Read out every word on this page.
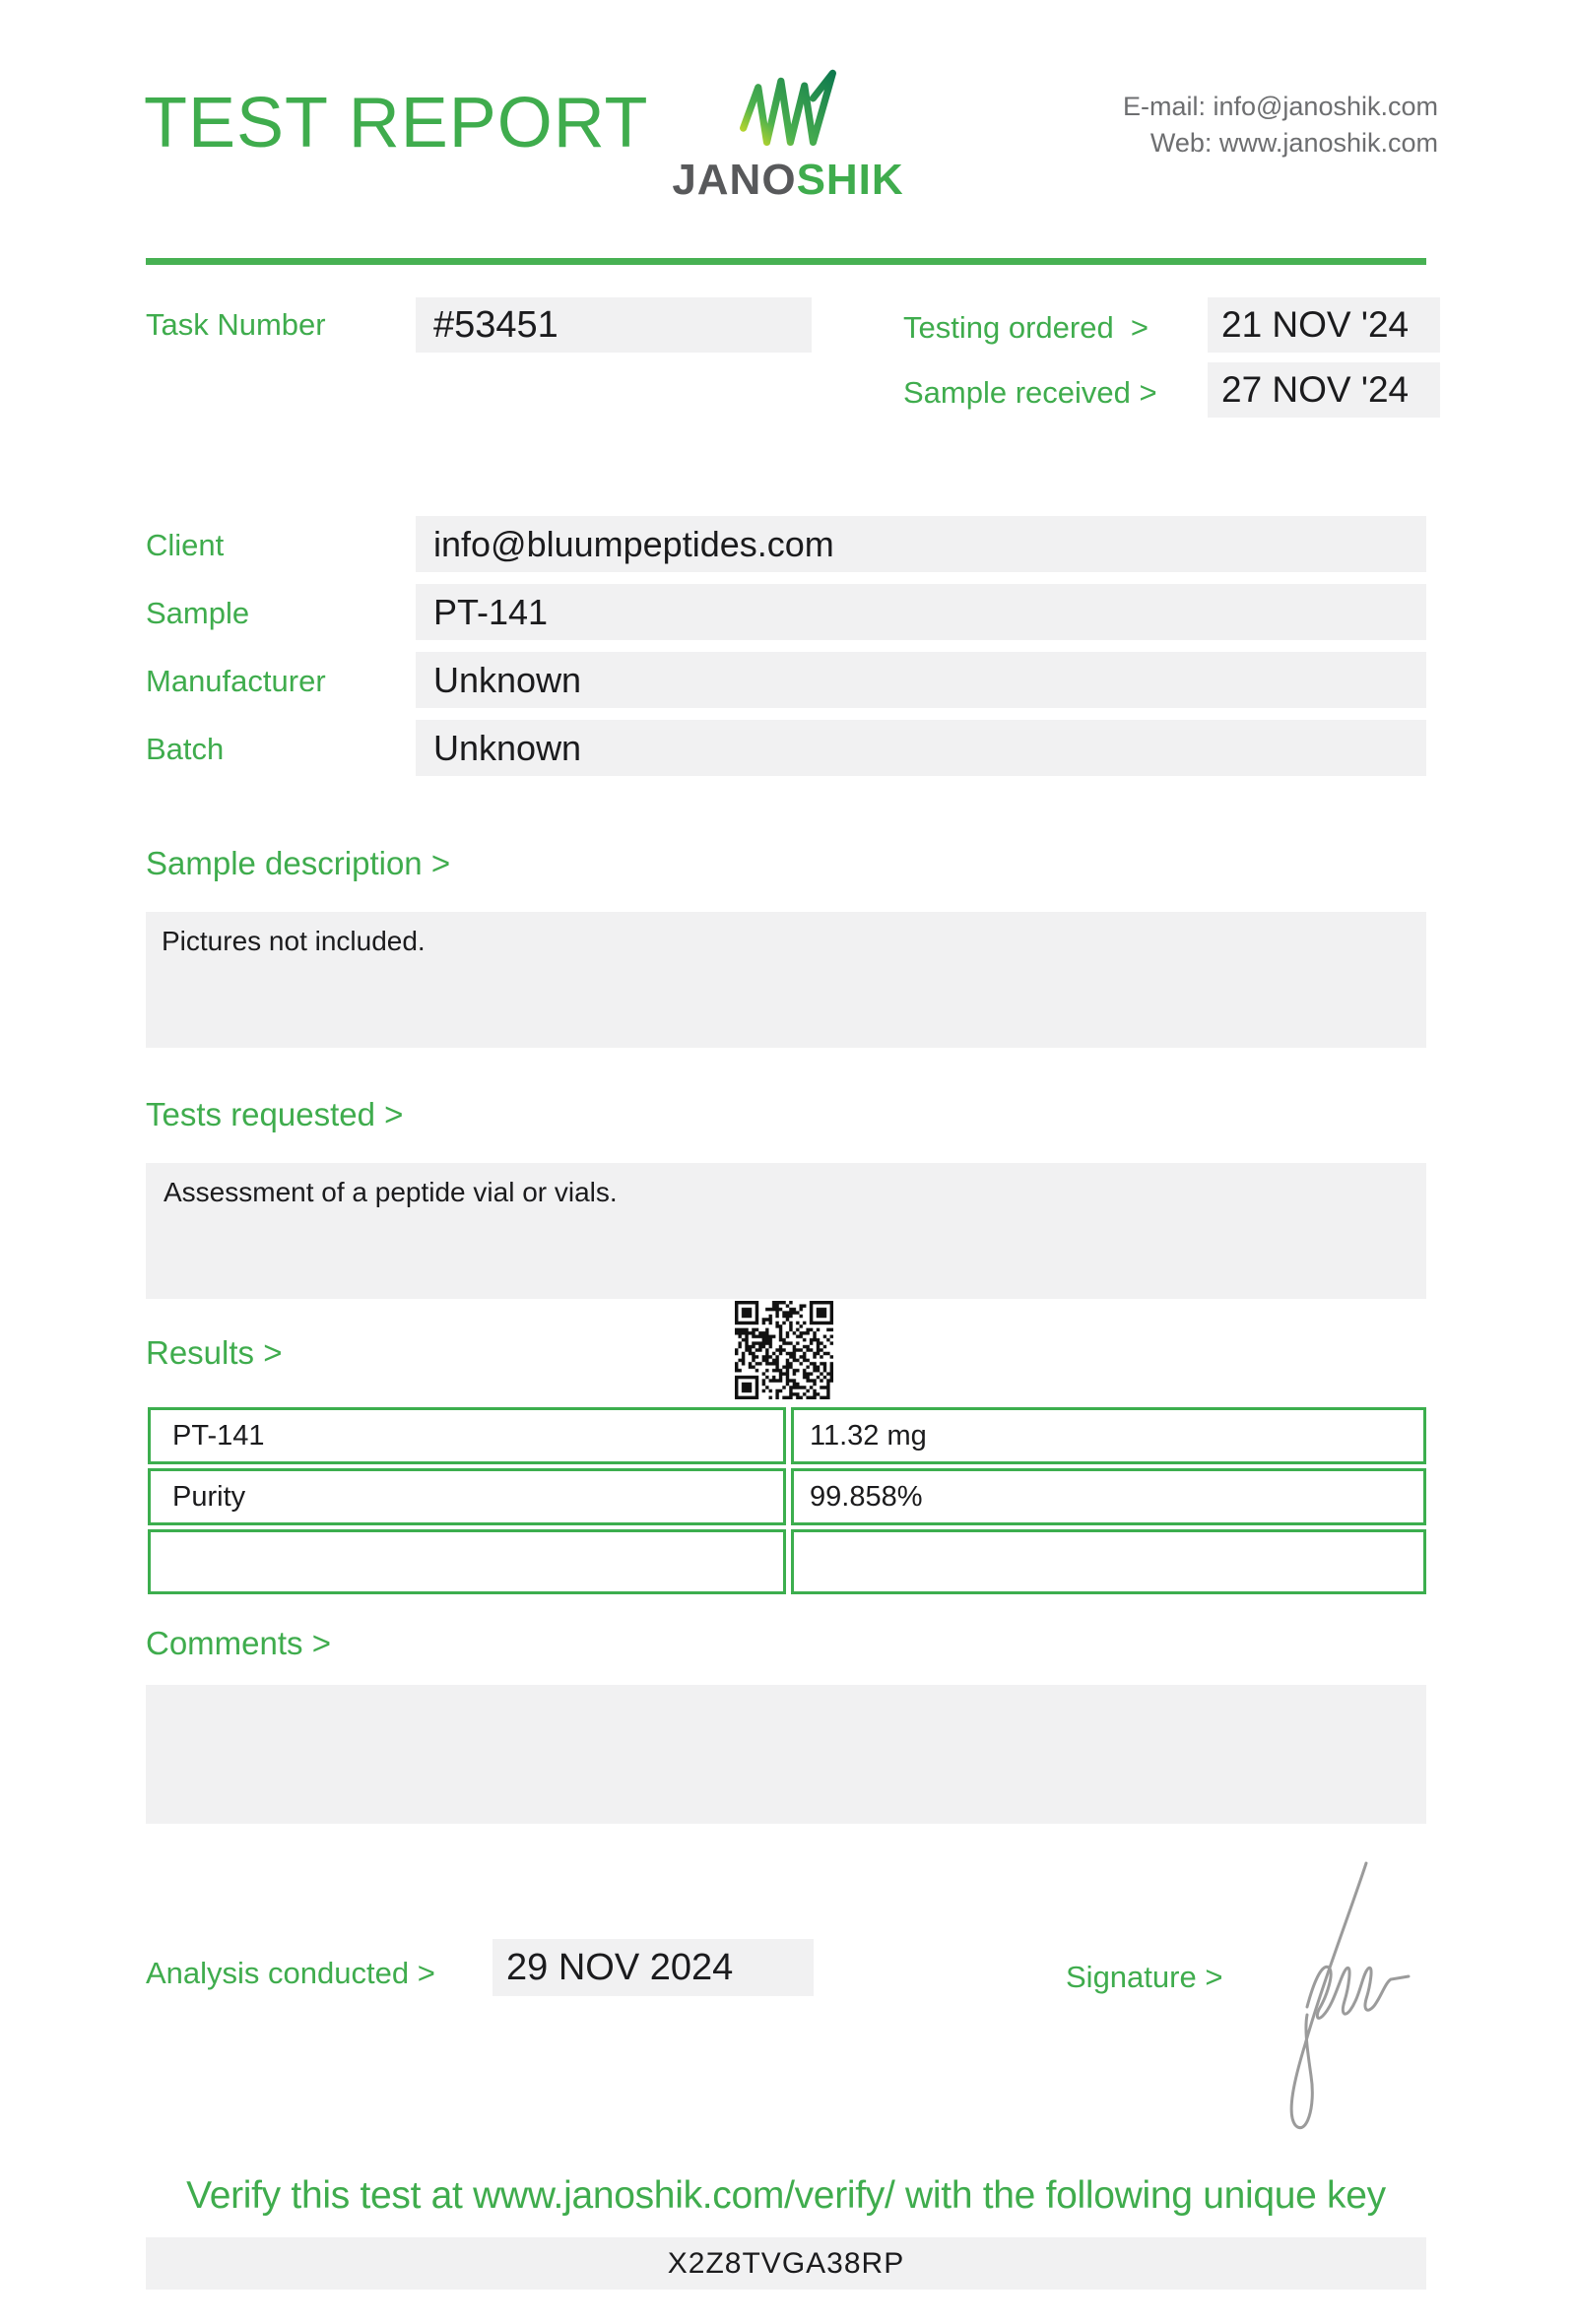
TEST REPORT
JANOSHIK
E-mail: info@janoshik.com
Web: www.janoshik.com
Task Number	#53451	Testing ordered  >	21 NOV '24
Sample received >	27 NOV '24
Client	info@bluumpeptides.com
Sample	PT-141
Manufacturer	Unknown
Batch	Unknown
Sample description >
Pictures not included.
Tests requested >
Assessment of a peptide vial or vials.
Results >
PT-141	11.32 mg
Purity	99.858%
Comments >
Analysis conducted >	29 NOV 2024	Signature >
Verify this test at www.janoshik.com/verify/ with the following unique key
X2Z8TVGA38RP
